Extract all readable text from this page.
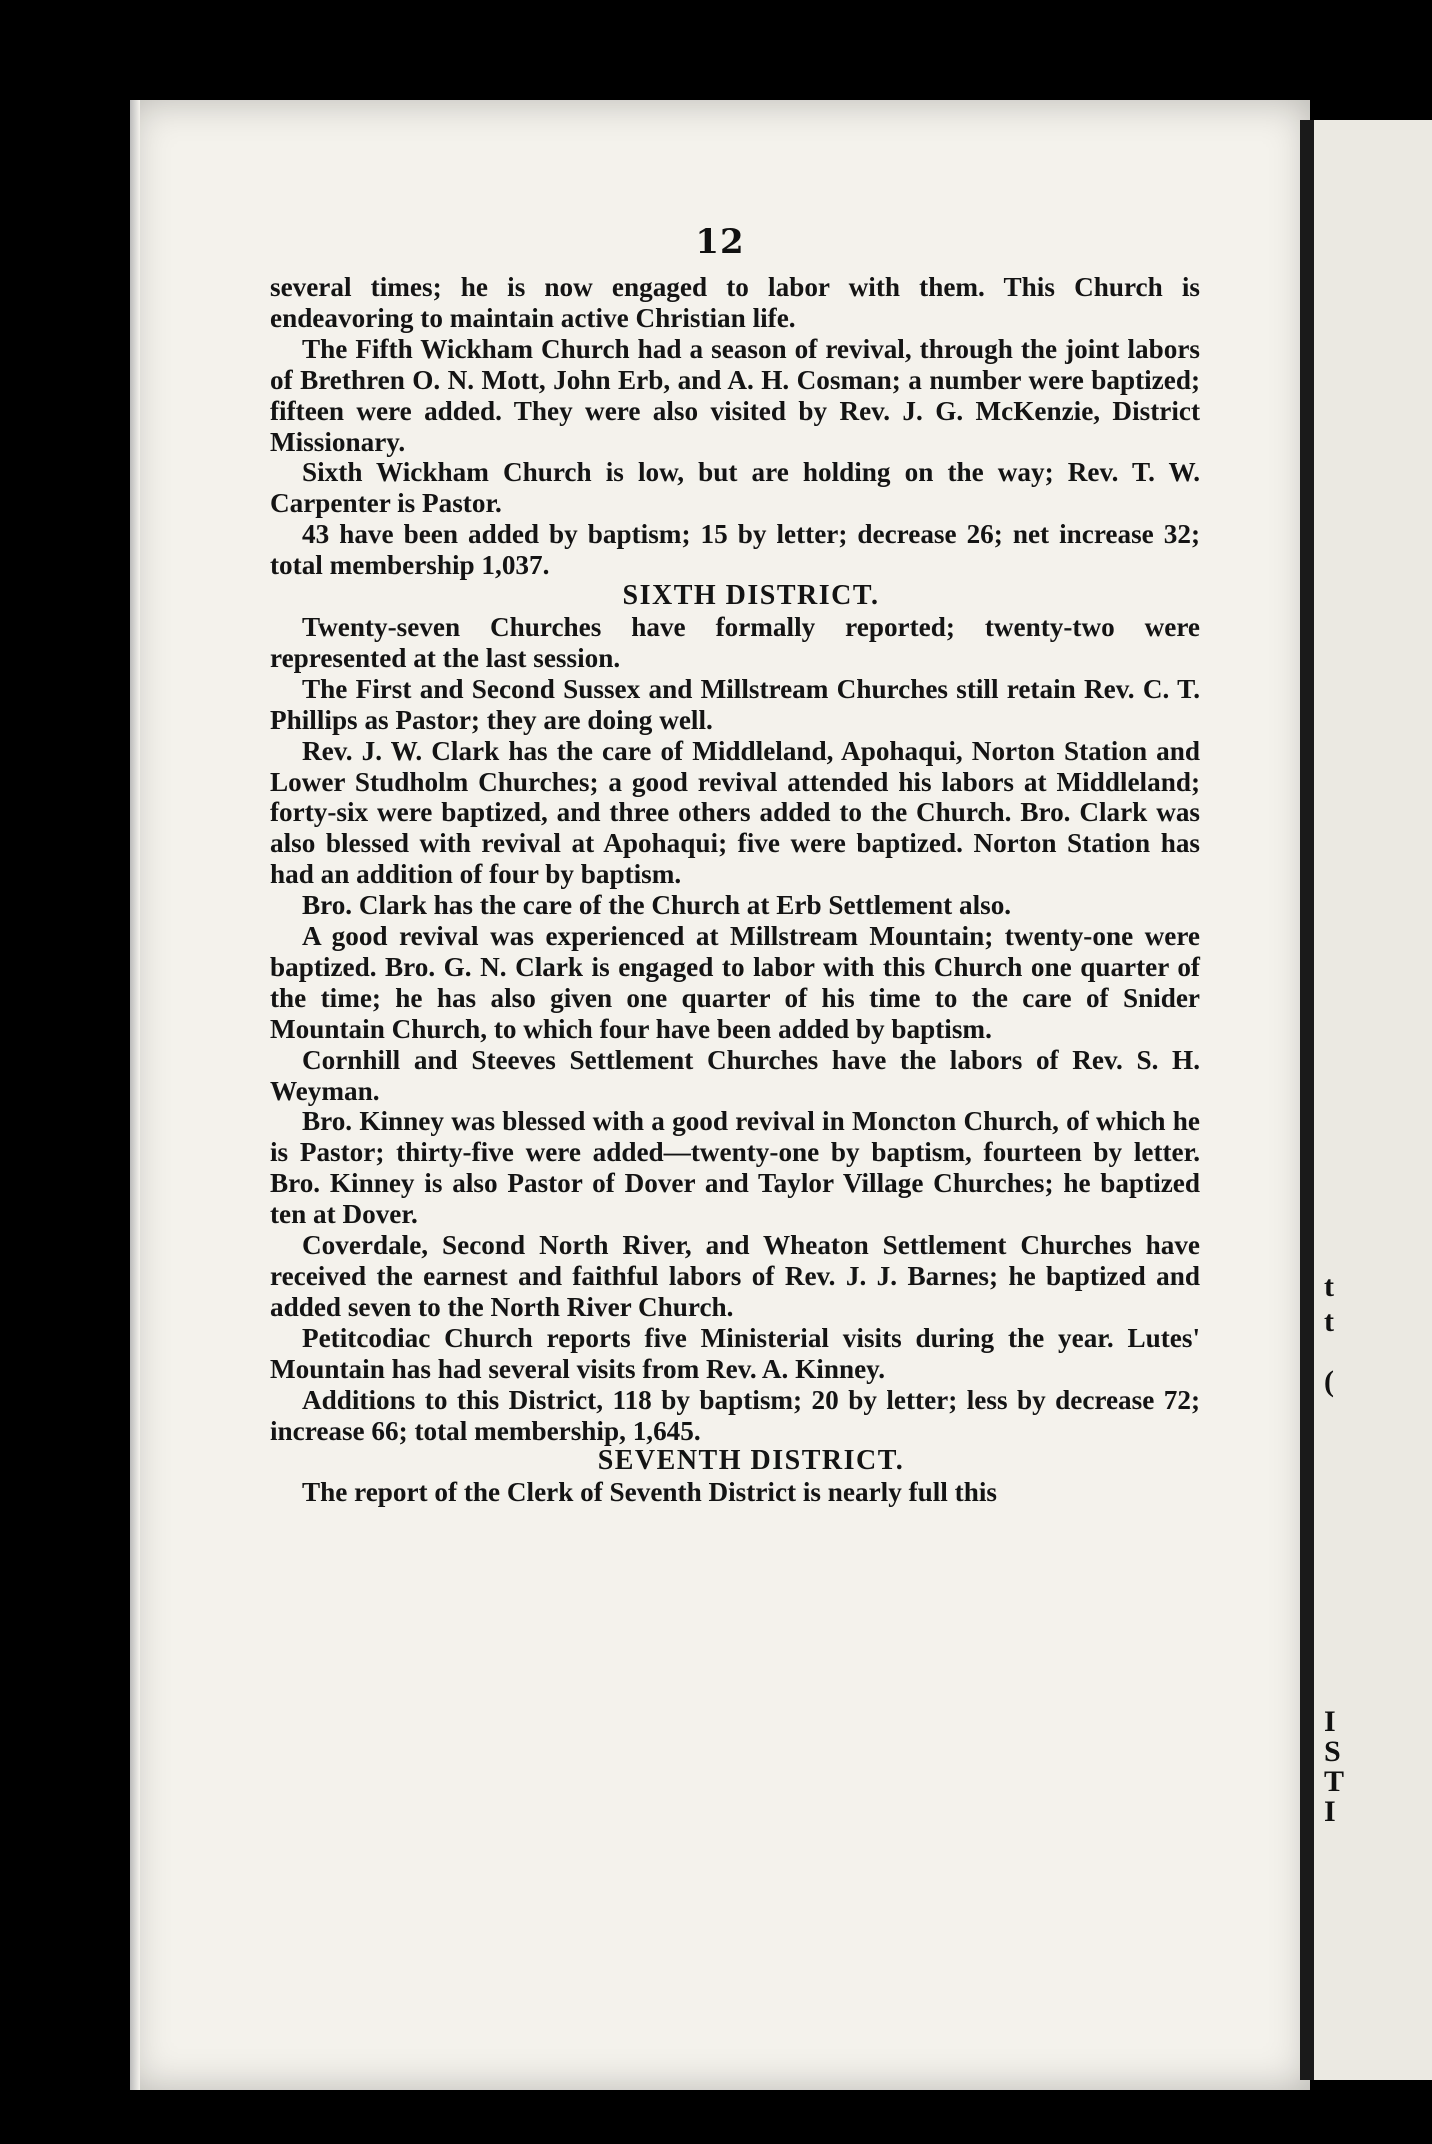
12

several times; he is now engaged to labor with them. This Church is endeavoring to maintain active Christian life.

The Fifth Wickham Church had a season of revival, through the joint labors of Brethren O. N. Mott, John Erb, and A. H. Cosman; a number were baptized; fifteen were added. They were also visited by Rev. J. G. McKenzie, District Missionary.

Sixth Wickham Church is low, but are holding on the way; Rev. T. W. Carpenter is Pastor.

43 have been added by baptism; 15 by letter; decrease 26; net increase 32; total membership 1,037.

SIXTH DISTRICT.

Twenty-seven Churches have formally reported; twenty-two were represented at the last session.

The First and Second Sussex and Millstream Churches still retain Rev. C. T. Phillips as Pastor; they are doing well.

Rev. J. W. Clark has the care of Middleland, Apohaqui, Norton Station and Lower Studholm Churches; a good revival attended his labors at Middleland; forty-six were baptized, and three others added to the Church. Bro. Clark was also blessed with revival at Apohaqui; five were baptized. Norton Station has had an addition of four by baptism.

Bro. Clark has the care of the Church at Erb Settlement also.

A good revival was experienced at Millstream Mountain; twenty-one were baptized. Bro. G. N. Clark is engaged to labor with this Church one quarter of the time; he has also given one quarter of his time to the care of Snider Mountain Church, to which four have been added by baptism.

Cornhill and Steeves Settlement Churches have the labors of Rev. S. H. Weyman.

Bro. Kinney was blessed with a good revival in Moncton Church, of which he is Pastor; thirty-five were added—twenty-one by baptism, fourteen by letter. Bro. Kinney is also Pastor of Dover and Taylor Village Churches; he baptized ten at Dover.

Coverdale, Second North River, and Wheaton Settlement Churches have received the earnest and faithful labors of Rev. J. J. Barnes; he baptized and added seven to the North River Church.

Petitcodiac Church reports five Ministerial visits during the year. Lutes' Mountain has had several visits from Rev. A. Kinney.

Additions to this District, 118 by baptism; 20 by letter; less by decrease 72; increase 66; total membership, 1,645.

SEVENTH DISTRICT.

The report of the Clerk of Seventh District is nearly full this

t
t
(
I
S
T
I
